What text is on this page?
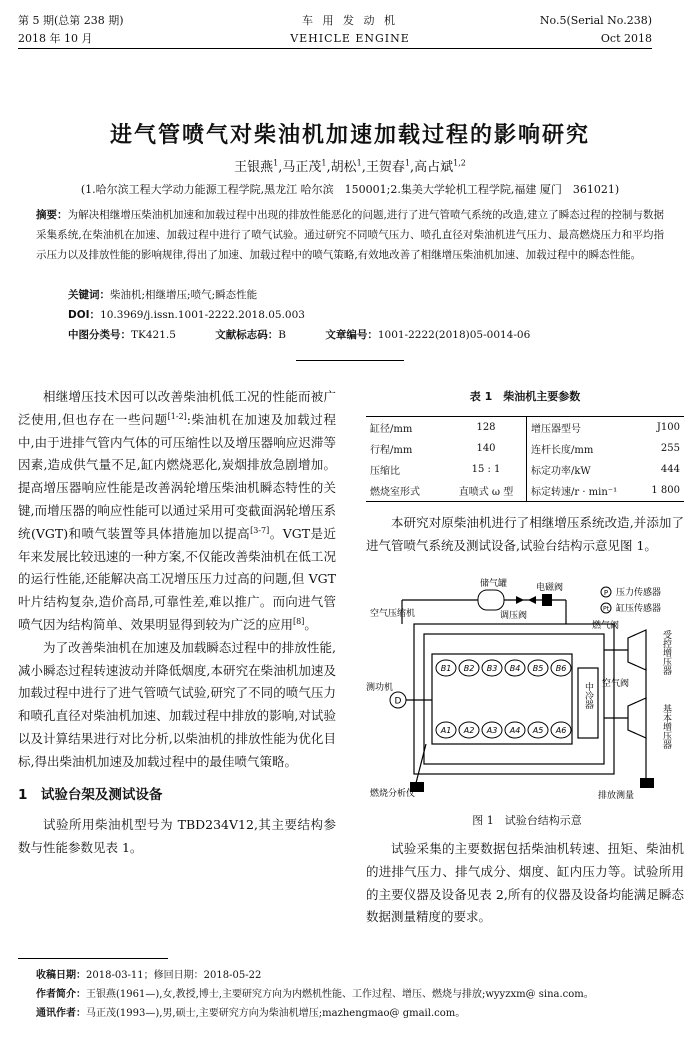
第 5 期(总第 238 期)
2018 年 10 月
车 用 发 动 机
VEHICLE ENGINE
No.5(Serial No.238)
Oct 2018
进气管喷气对柴油机加速加载过程的影响研究
王银燕$^1$,马正茂$^1$,胡松$^1$,王贺春$^1$,高占斌$^{1,2}$
(1.哈尔滨工程大学动力能源工程学院,黑龙江 哈尔滨　150001;2.集美大学轮机工程学院,福建 厦门　361021)
摘要：为解决相继增压柴油机加速和加载过程中出现的排放性能恶化的问题,进行了进气管喷气系统的改造,建立了瞬态过程的控制与数据采集系统,在柴油机在加速、加载过程中进行了喷气试验。通过研究不同喷气压力、喷孔直径对柴油机进气压力、最高燃烧压力和平均指示压力以及排放性能的影响规律,得出了加速、加载过程中的喷气策略,有效地改善了相继增压柴油机加速、加载过程中的瞬态性能。
关键词：柴油机;相继增压;喷气;瞬态性能
DOI：10.3969/j.issn.1001-2222.2018.05.003
中图分类号：TK421.5	文献标志码：B	文章编号：1001-2222(2018)05-0014-06

相继增压技术因可以改善柴油机低工况的性能而被广泛使用,但也存在一些问题[1-2]:柴油机在加速及加载过程中,由于进排气管内气体的可压缩性以及增压器响应迟滞等因素,造成供气量不足,缸内燃烧恶化,炭烟排放急剧增加。提高增压器响应性能是改善涡轮增压柴油机瞬态特性的关键,而增压器的响应性能可以通过采用可变截面涡轮增压系统(VGT)和喷气装置等具体措施加以提高[3-7]。VGT是近年来发展比较迅速的一种方案,不仅能改善柴油机在低工况的运行性能,还能解决高工况增压压力过高的问题,但 VGT 叶片结构复杂,造价高昂,可靠性差,难以推广。而向进气管喷气因为结构简单、效果明显得到较为广泛的应用[8]。

为了改善柴油机在加速及加载瞬态过程中的排放性能,减小瞬态过程转速波动并降低烟度,本研究在柴油机加速及加载过程中进行了进气管喷气试验,研究了不同的喷气压力和喷孔直径对柴油机加速、加载过程中排放的影响,对试验以及计算结果进行对比分析,以柴油机的排放性能为优化目标,得出柴油机加速及加载过程中的最佳喷气策略。

1　试验台架及测试设备

试验所用柴油机型号为 TBD234V12,其主要结构参数与性能参数见表 1。

表 1　柴油机主要参数
缸径/mm	128	增压器型号	J100
行程/mm	140	连杆长度/mm	255
压缩比	15 : 1	标定功率/kW	444
燃烧室形式	直喷式 ω 型	标定转速/r · min⁻¹	1 800

本研究对原柴油机进行了相继增压系统改造,并添加了进气管喷气系统及测试设备,试验台结构示意见图 1。

D
P
Pt
B1 B2 B3 B4 B5 B6
A1 A2 A3 A4 A5 A6
储气罐
调压阀
电磁阀	压力传感器
缸压传感器
空气压缩机
燃气阀
空气阀
测功机
燃烧分析仪	排放测量
中冷器
受控增压器
基本增压器
图 1　试验台结构示意

试验采集的主要数据包括柴油机转速、扭矩、柴油机的进排气压力、排气成分、烟度、缸内压力等。试验所用的主要仪器及设备见表 2,所有的仪器及设备均能满足瞬态数据测量精度的要求。

收稿日期：2018-03-11；修回日期：2018-05-22
作者简介：王银燕(1961—),女,教授,博士,主要研究方向为内燃机性能、工作过程、增压、燃烧与排放;wyyzxm@ sina.com。
通讯作者：马正茂(1993—),男,硕士,主要研究方向为柴油机增压;mazhengmao@ gmail.com。
